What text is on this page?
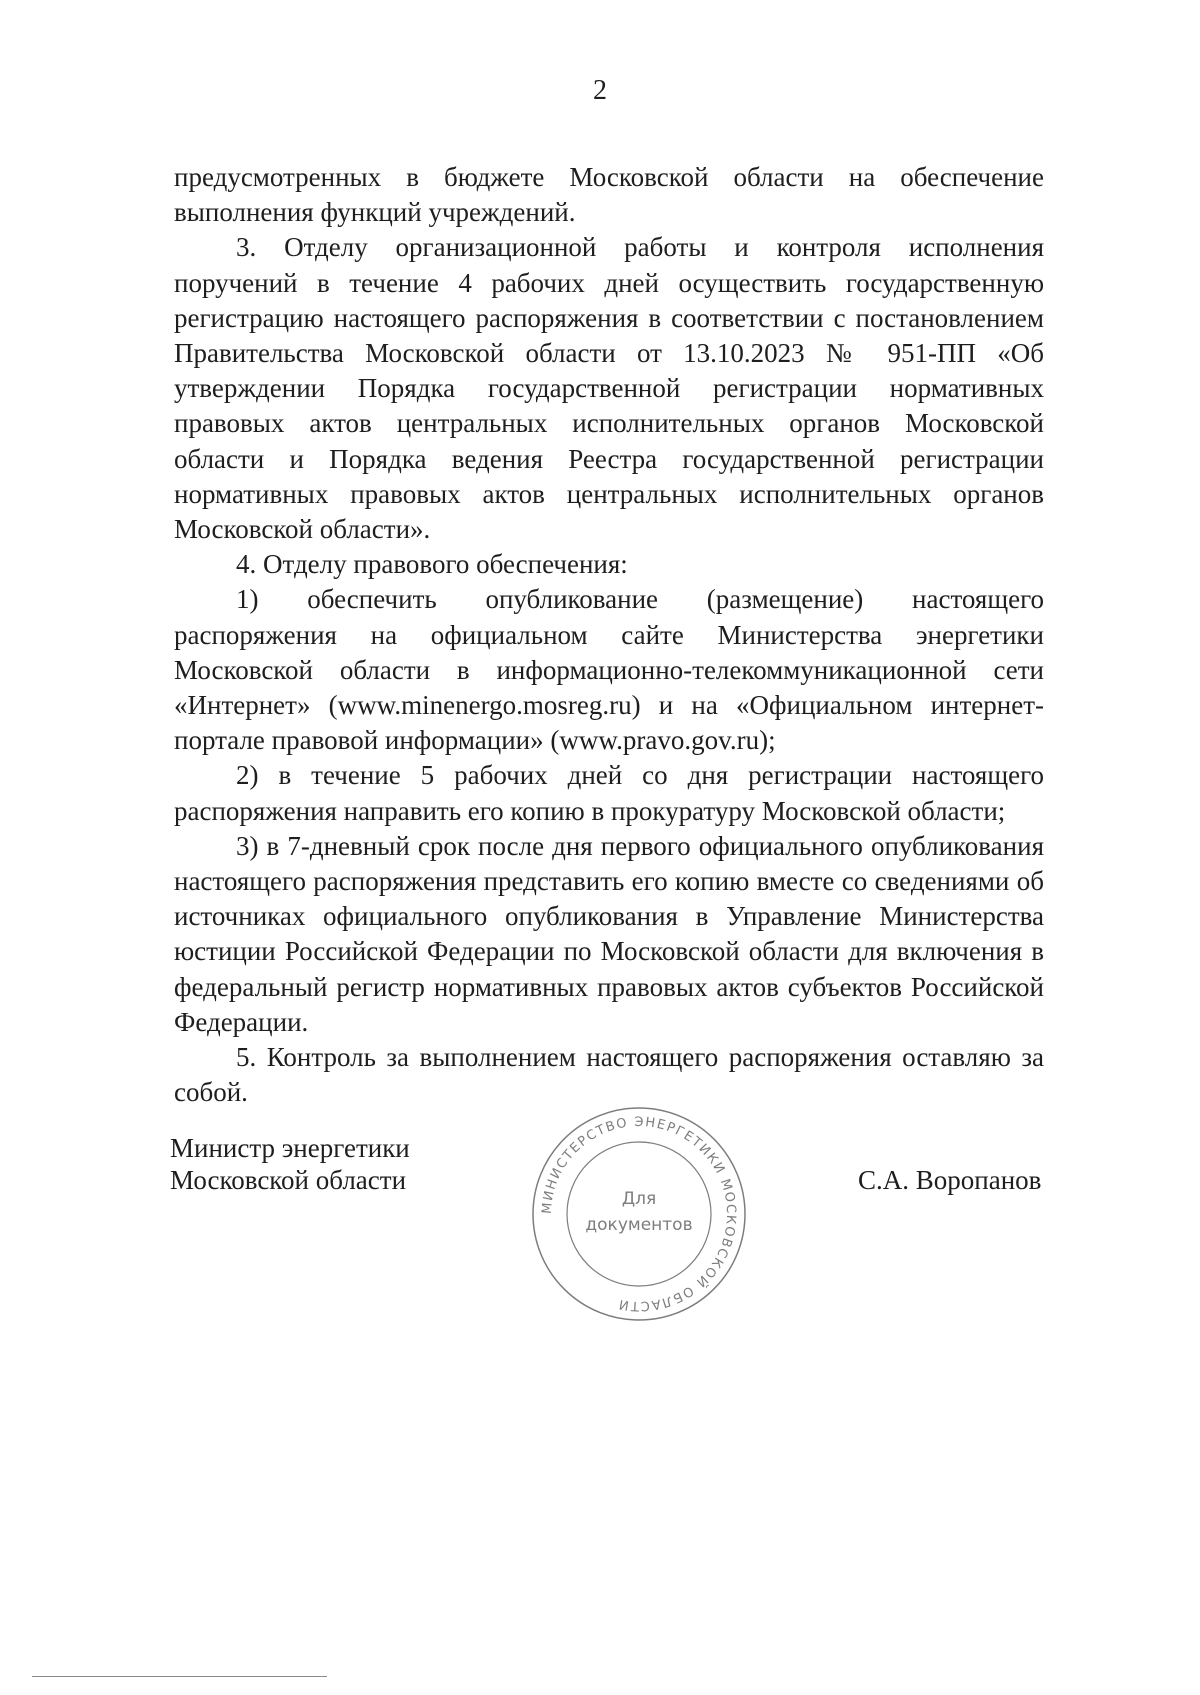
2

предусмотренных в бюджете Московской области на обеспечение выполнения функций учреждений.

3. Отделу организационной работы и контроля исполнения поручений в течение 4 рабочих дней осуществить государственную регистрацию настоящего распоряжения в соответствии с постановлением Правительства Московской области от 13.10.2023 № 951-ПП «Об утверждении Порядка государственной регистрации нормативных правовых актов центральных исполнительных органов Московской области и Порядка ведения Реестра государственной регистрации нормативных правовых актов центральных исполнительных органов Московской области».

4. Отделу правового обеспечения:

1) обеспечить опубликование (размещение) настоящего распоряжения на официальном сайте Министерства энергетики Московской области в информационно-телекоммуникационной сети «Интернет» (www.minenergo.mosreg.ru) и на «Официальном интернет-портале правовой информации» (www.pravo.gov.ru);

2) в течение 5 рабочих дней со дня регистрации настоящего распоряжения направить его копию в прокуратуру Московской области;

3) в 7-дневный срок после дня первого официального опубликования настоящего распоряжения представить его копию вместе со сведениями об источниках официального опубликования в Управление Министерства юстиции Российской Федерации по Московской области для включения в федеральный регистр нормативных правовых актов субъектов Российской Федерации.

5. Контроль за выполнением настоящего распоряжения оставляю за собой.

Министр энергетики
Московской области
МИНИСТЕРСТВО ЭНЕРГЕТИКИ МОСКОВСКОЙ ОБЛАСТИ
Для
документов
С.А. Воропанов
